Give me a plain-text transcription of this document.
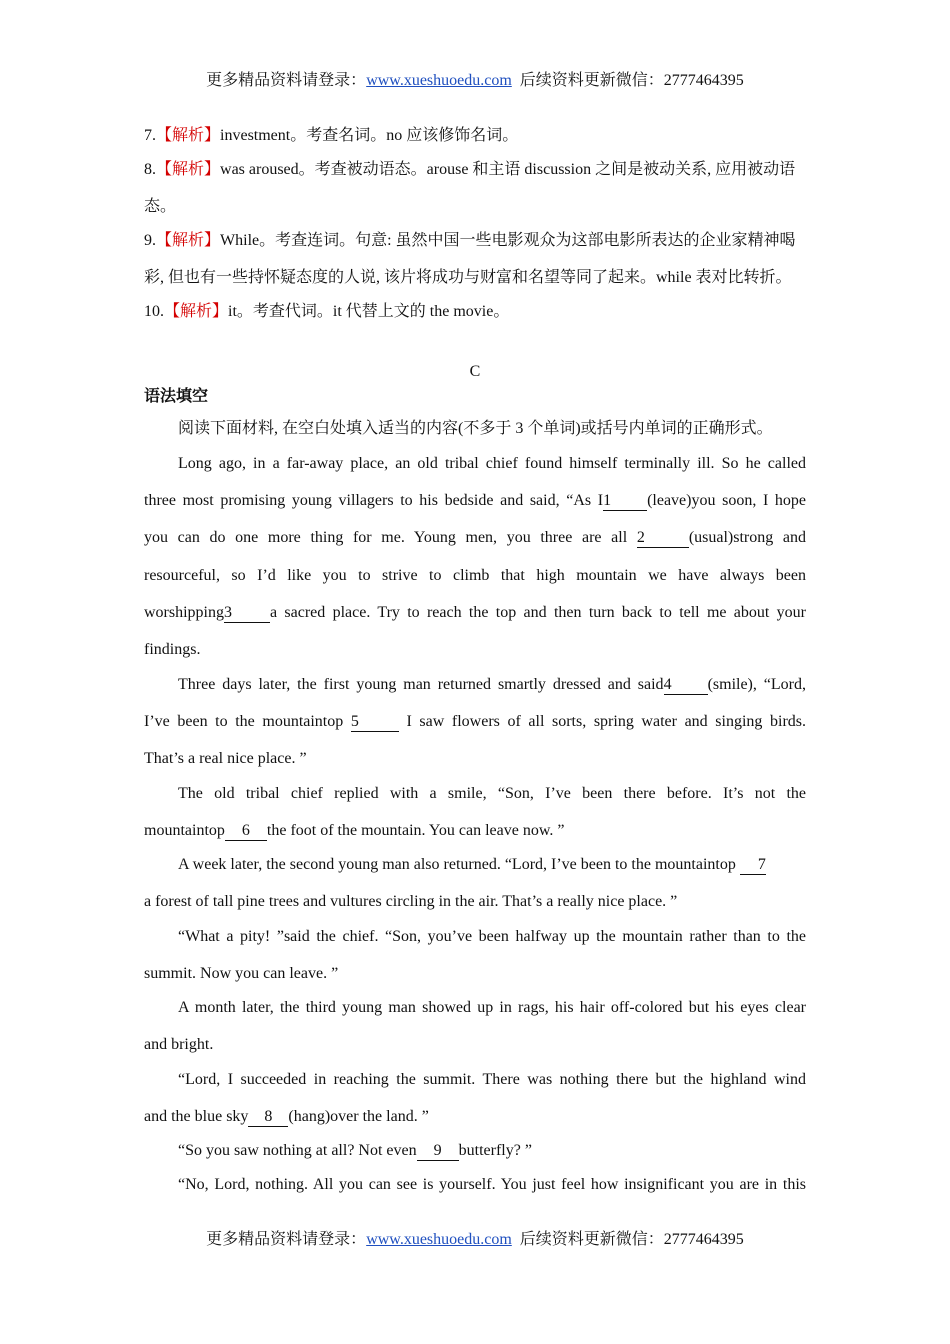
更多精品资料请登录：www.xueshuoedu.com 后续资料更新微信：2777464395
7.【解析】investment。考查名词。no 应该修饰名词。
8.【解析】was aroused。考查被动语态。arouse 和主语 discussion 之间是被动关系, 应用被动语
态。
9.【解析】While。考查连词。句意: 虽然中国一些电影观众为这部电影所表达的企业家精神喝
彩, 但也有一些持怀疑态度的人说, 该片将成功与财富和名望等同了起来。while 表对比转折。
10.【解析】it。考查代词。it 代替上文的 the movie。
C
语法填空
阅读下面材料, 在空白处填入适当的内容(不多于 3 个单词)或括号内单词的正确形式。
Long ago, in a far-away place, an old tribal chief found himself terminally ill. So he called
three most promising young villagers to his bedside and said, “As I1 (leave)you soon, I hope
you can do one more thing for me. Young men, you three are all 2	(usual)strong and
resourceful, so I’d like you to strive to climb that high mountain we have always been
worshipping3 a sacred place. Try to reach the top and then turn back to tell me about your
findings.
Three days later, the first young man returned smartly dressed and said4 (smile), “Lord,
I’ve been to the mountaintop 5	I saw flowers of all sorts, spring water and singing birds.
That’s a real nice place. ”
The old tribal chief replied with a smile, “Son, I’ve been there before. It’s not the
mountaintop 6 the foot of the mountain. You can leave now. ”
A week later, the second young man also returned. “Lord, I’ve been to the mountaintop 7
a forest of tall pine trees and vultures circling in the air. That’s a really nice place. ”
“What a pity! ”said the chief. “Son, you’ve been halfway up the mountain rather than to the
summit. Now you can leave. ”
A month later, the third young man showed up in rags, his hair off-colored but his eyes clear
and bright.
“Lord, I succeeded in reaching the summit. There was nothing there but the highland wind
and the blue sky 8 (hang)over the land. ”
“So you saw nothing at all? Not even 9 butterfly? ”
“No, Lord, nothing. All you can see is yourself. You just feel how insignificant you are in this
更多精品资料请登录：www.xueshuoedu.com 后续资料更新微信：2777464395
